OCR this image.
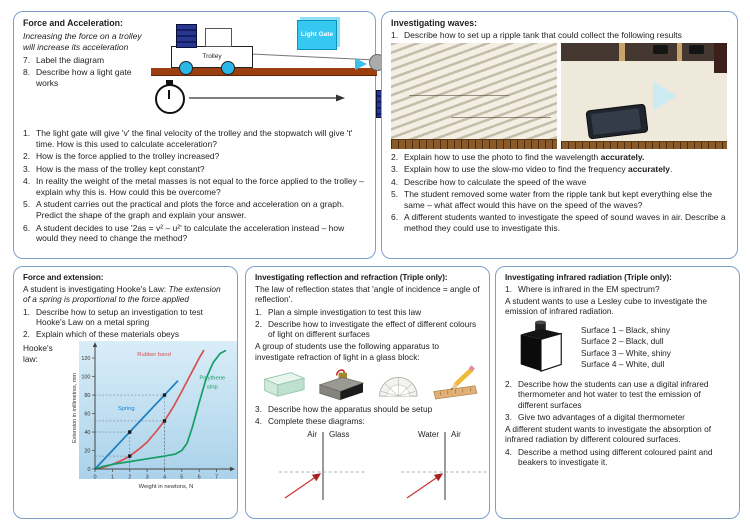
Force and Acceleration:

Increasing the force on a trolley will increase its acceleration

7. Label the diagram
8. Describe how a light gate works
Trolley
Light Gate
1. The light gate will give 'v' the final velocity of the trolley and the stopwatch will give 't' time. How is this used to calculate acceleration?
2. How is the force applied to the trolley increased?
3. How is the mass of the trolley kept constant?
4. In reality the weight of the metal masses is not equal to the force applied to the trolley – explain why this is. How could this be overcome?
5. A student carries out the practical and plots the force and acceleration on a graph. Predict the shape of the graph and explain your answer.
6. A student decides to use '2as = v² – u²' to calculate the acceleration instead – how would they need to change the method?
Investigating waves:
1. Describe how to set up a ripple tank that could collect the following results
2. Explain how to use the photo to find the wavelength accurately.
3. Explain how to use the slow-mo video to find the frequency accurately.
4. Describe how to calculate the speed of the wave
5. The student removed some water from the ripple tank but kept everything else the same – what affect would this have on the speed of the waves?
6. A different students wanted to investigate the speed of sound waves in air. Describe a method they could use to investigate this.
Force and extension:

A student is investigating Hooke's Law: The extension of a spring is proportional to the force applied

1. Describe how to setup an investigation to test Hooke's Law on a metal spring
2. Explain which of these materials obeys
Hooke's law:
0	1	2	3	4	5	6	7
0
20
40
60
80
100
120
Rubber band
Spring
Polythene
strip
Weight in newtons, N
Extension in millimetres, mm
Investigating reflection and refraction (Triple only):

The law of reflection states that 'angle of incidence = angle of reflection'.

1. Plan a simple investigation to test this law
2. Describe how to investigate the effect of different colours of light on different surfaces

A group of students use the following apparatus to investigate refraction of light in a glass block:

3. Describe how the apparatus should be setup
4. Complete these diagrams:
Air Glass	Water Air
Investigating infrared radiation (Triple only):
1. Where is infrared in the EM spectrum?

A student wants to use a Lesley cube to investigate the emission of infrared radiation.

Surface 1 – Black, shiny
Surface 2 – Black, dull
Surface 3 – White, shiny
Surface 4 – White, dull
2. Describe how the students can use a digital infrared thermometer and hot water to test the emission of different surfaces
3. Give two advantages of a digital thermometer

A different student wants to investigate the absorption of infrared radiation by different coloured surfaces.

4. Describe a method using different coloured paint and beakers to investigate it.
